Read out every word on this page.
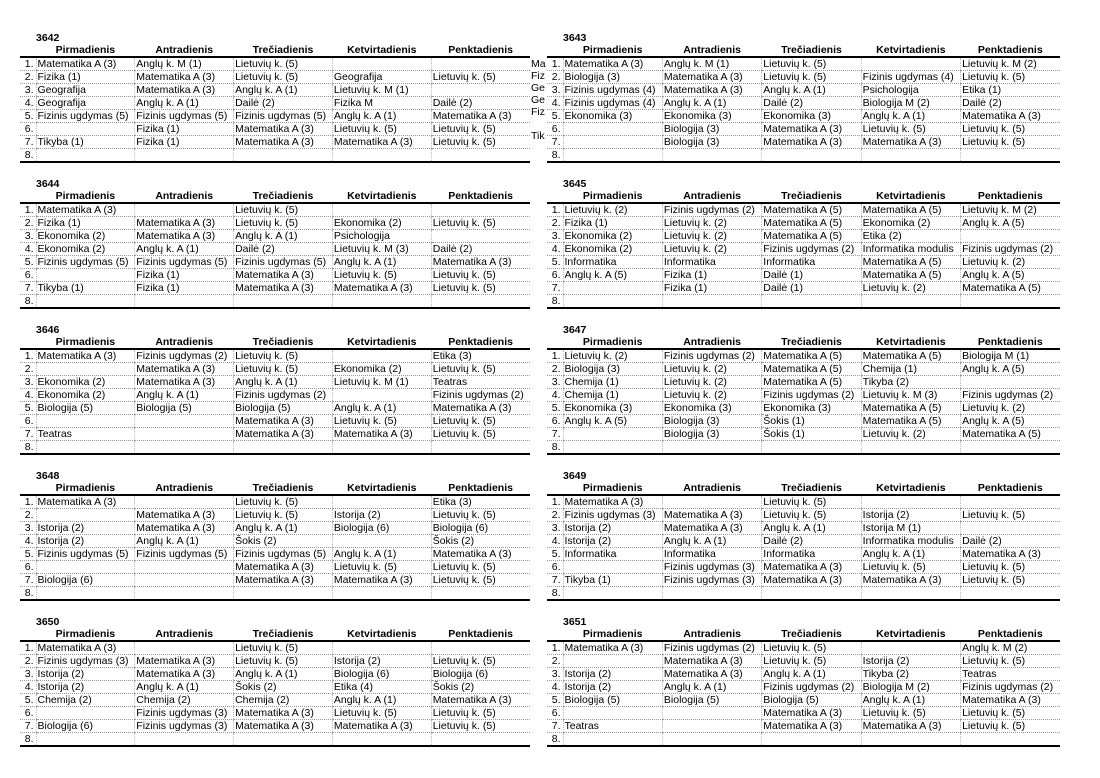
3642
	Pirmadienis	Antradienis	Trečiadienis	Ketvirtadienis	Penktadienis
1.	Matematika A (3)	Anglų k. M (1)	Lietuvių k. (5)		
2.	Fizika (1)	Matematika A (3)	Lietuvių k. (5)	Geografija	Lietuvių k. (5)
3.	Geografija	Matematika A (3)	Anglų k. A (1)	Lietuvių k. M (1)	
4.	Geografija	Anglų k. A (1)	Dailė (2)	Fizika M	Dailė (2)
5.	Fizinis ugdymas (5)	Fizinis ugdymas (5)	Fizinis ugdymas (5)	Anglų k. A (1)	Matematika A (3)
6.		Fizika (1)	Matematika A (3)	Lietuvių k. (5)	Lietuvių k. (5)
7.	Tikyba (1)	Fizika (1)	Matematika A (3)	Matematika A (3)	Lietuvių k. (5)
8.					
3643
	Pirmadienis	Antradienis	Trečiadienis	Ketvirtadienis	Penktadienis
1.	Matematika A (3)	Anglų k. M (1)	Lietuvių k. (5)		Lietuvių k. M (2)
2.	Biologija (3)	Matematika A (3)	Lietuvių k. (5)	Fizinis ugdymas (4)	Lietuvių k. (5)
3.	Fizinis ugdymas (4)	Matematika A (3)	Anglų k. A (1)	Psichologija	Etika (1)
4.	Fizinis ugdymas (4)	Anglų k. A (1)	Dailė (2)	Biologija M (2)	Dailė (2)
5.	Ekonomika (3)	Ekonomika (3)	Ekonomika (3)	Anglų k. A (1)	Matematika A (3)
6.		Biologija (3)	Matematika A (3)	Lietuvių k. (5)	Lietuvių k. (5)
7.		Biologija (3)	Matematika A (3)	Matematika A (3)	Lietuvių k. (5)
8.					
3644
	Pirmadienis	Antradienis	Trečiadienis	Ketvirtadienis	Penktadienis
1.	Matematika A (3)		Lietuvių k. (5)		
2.	Fizika (1)	Matematika A (3)	Lietuvių k. (5)	Ekonomika (2)	Lietuvių k. (5)
3.	Ekonomika (2)	Matematika A (3)	Anglų k. A (1)	Psichologija	
4.	Ekonomika (2)	Anglų k. A (1)	Dailė (2)	Lietuvių k. M (3)	Dailė (2)
5.	Fizinis ugdymas (5)	Fizinis ugdymas (5)	Fizinis ugdymas (5)	Anglų k. A (1)	Matematika A (3)
6.		Fizika (1)	Matematika A (3)	Lietuvių k. (5)	Lietuvių k. (5)
7.	Tikyba (1)	Fizika (1)	Matematika A (3)	Matematika A (3)	Lietuvių k. (5)
8.					
3645
	Pirmadienis	Antradienis	Trečiadienis	Ketvirtadienis	Penktadienis
1.	Lietuvių k. (2)	Fizinis ugdymas (2)	Matematika A (5)	Matematika A (5)	Lietuvių k. M (2)
2.	Fizika (1)	Lietuvių k. (2)	Matematika A (5)	Ekonomika (2)	Anglų k. A (5)
3.	Ekonomika (2)	Lietuvių k. (2)	Matematika A (5)	Etika (2)	
4.	Ekonomika (2)	Lietuvių k. (2)	Fizinis ugdymas (2)	Informatika modulis	Fizinis ugdymas (2)
5.	Informatika	Informatika	Informatika	Matematika A (5)	Lietuvių k. (2)
6.	Anglų k. A (5)	Fizika (1)	Dailė (1)	Matematika A (5)	Anglų k. A (5)
7.		Fizika (1)	Dailė (1)	Lietuvių k. (2)	Matematika A (5)
8.					
3646
	Pirmadienis	Antradienis	Trečiadienis	Ketvirtadienis	Penktadienis
1.	Matematika A (3)	Fizinis ugdymas (2)	Lietuvių k. (5)		Etika (3)
2.		Matematika A (3)	Lietuvių k. (5)	Ekonomika (2)	Lietuvių k. (5)
3.	Ekonomika (2)	Matematika A (3)	Anglų k. A (1)	Lietuvių k. M (1)	Teatras
4.	Ekonomika (2)	Anglų k. A (1)	Fizinis ugdymas (2)		Fizinis ugdymas (2)
5.	Biologija (5)	Biologija (5)	Biologija (5)	Anglų k. A (1)	Matematika A (3)
6.			Matematika A (3)	Lietuvių k. (5)	Lietuvių k. (5)
7.	Teatras		Matematika A (3)	Matematika A (3)	Lietuvių k. (5)
8.					
3647
	Pirmadienis	Antradienis	Trečiadienis	Ketvirtadienis	Penktadienis
1.	Lietuvių k. (2)	Fizinis ugdymas (2)	Matematika A (5)	Matematika A (5)	Biologija M (1)
2.	Biologija (3)	Lietuvių k. (2)	Matematika A (5)	Chemija (1)	Anglų k. A (5)
3.	Chemija (1)	Lietuvių k. (2)	Matematika A (5)	Tikyba (2)	
4.	Chemija (1)	Lietuvių k. (2)	Fizinis ugdymas (2)	Lietuvių k. M (3)	Fizinis ugdymas (2)
5.	Ekonomika (3)	Ekonomika (3)	Ekonomika (3)	Matematika A (5)	Lietuvių k. (2)
6.	Anglų k. A (5)	Biologija (3)	Šokis (1)	Matematika A (5)	Anglų k. A (5)
7.		Biologija (3)	Šokis (1)	Lietuvių k. (2)	Matematika A (5)
8.					
3648
	Pirmadienis	Antradienis	Trečiadienis	Ketvirtadienis	Penktadienis
1.	Matematika A (3)		Lietuvių k. (5)		Etika (3)
2.		Matematika A (3)	Lietuvių k. (5)	Istorija (2)	Lietuvių k. (5)
3.	Istorija (2)	Matematika A (3)	Anglų k. A (1)	Biologija (6)	Biologija (6)
4.	Istorija (2)	Anglų k. A (1)	Šokis (2)		Šokis (2)
5.	Fizinis ugdymas (5)	Fizinis ugdymas (5)	Fizinis ugdymas (5)	Anglų k. A (1)	Matematika A (3)
6.			Matematika A (3)	Lietuvių k. (5)	Lietuvių k. (5)
7.	Biologija (6)		Matematika A (3)	Matematika A (3)	Lietuvių k. (5)
8.					
3649
	Pirmadienis	Antradienis	Trečiadienis	Ketvirtadienis	Penktadienis
1.	Matematika A (3)		Lietuvių k. (5)		
2.	Fizinis ugdymas (3)	Matematika A (3)	Lietuvių k. (5)	Istorija (2)	Lietuvių k. (5)
3.	Istorija (2)	Matematika A (3)	Anglų k. A (1)	Istorija M (1)	
4.	Istorija (2)	Anglų k. A (1)	Dailė (2)	Informatika modulis	Dailė (2)
5.	Informatika	Informatika	Informatika	Anglų k. A (1)	Matematika A (3)
6.		Fizinis ugdymas (3)	Matematika A (3)	Lietuvių k. (5)	Lietuvių k. (5)
7.	Tikyba (1)	Fizinis ugdymas (3)	Matematika A (3)	Matematika A (3)	Lietuvių k. (5)
8.					
3650
	Pirmadienis	Antradienis	Trečiadienis	Ketvirtadienis	Penktadienis
1.	Matematika A (3)		Lietuvių k. (5)		
2.	Fizinis ugdymas (3)	Matematika A (3)	Lietuvių k. (5)	Istorija (2)	Lietuvių k. (5)
3.	Istorija (2)	Matematika A (3)	Anglų k. A (1)	Biologija (6)	Biologija (6)
4.	Istorija (2)	Anglų k. A (1)	Šokis (2)	Etika (4)	Šokis (2)
5.	Chemija (2)	Chemija (2)	Chemija (2)	Anglų k. A (1)	Matematika A (3)
6.		Fizinis ugdymas (3)	Matematika A (3)	Lietuvių k. (5)	Lietuvių k. (5)
7.	Biologija (6)	Fizinis ugdymas (3)	Matematika A (3)	Matematika A (3)	Lietuvių k. (5)
8.					
3651
	Pirmadienis	Antradienis	Trečiadienis	Ketvirtadienis	Penktadienis
1.	Matematika A (3)	Fizinis ugdymas (2)	Lietuvių k. (5)		Anglų k. M (2)
2.		Matematika A (3)	Lietuvių k. (5)	Istorija (2)	Lietuvių k. (5)
3.	Istorija (2)	Matematika A (3)	Anglų k. A (1)	Tikyba (2)	Teatras
4.	Istorija (2)	Anglų k. A (1)	Fizinis ugdymas (2)	Biologija M (2)	Fizinis ugdymas (2)
5.	Biologija (5)	Biologija (5)	Biologija (5)	Anglų k. A (1)	Matematika A (3)
6.			Matematika A (3)	Lietuvių k. (5)	Lietuvių k. (5)
7.	Teatras		Matematika A (3)	Matematika A (3)	Lietuvių k. (5)
8.					
Ma
Fiz
Ge
Ge
Fiz
Tik
